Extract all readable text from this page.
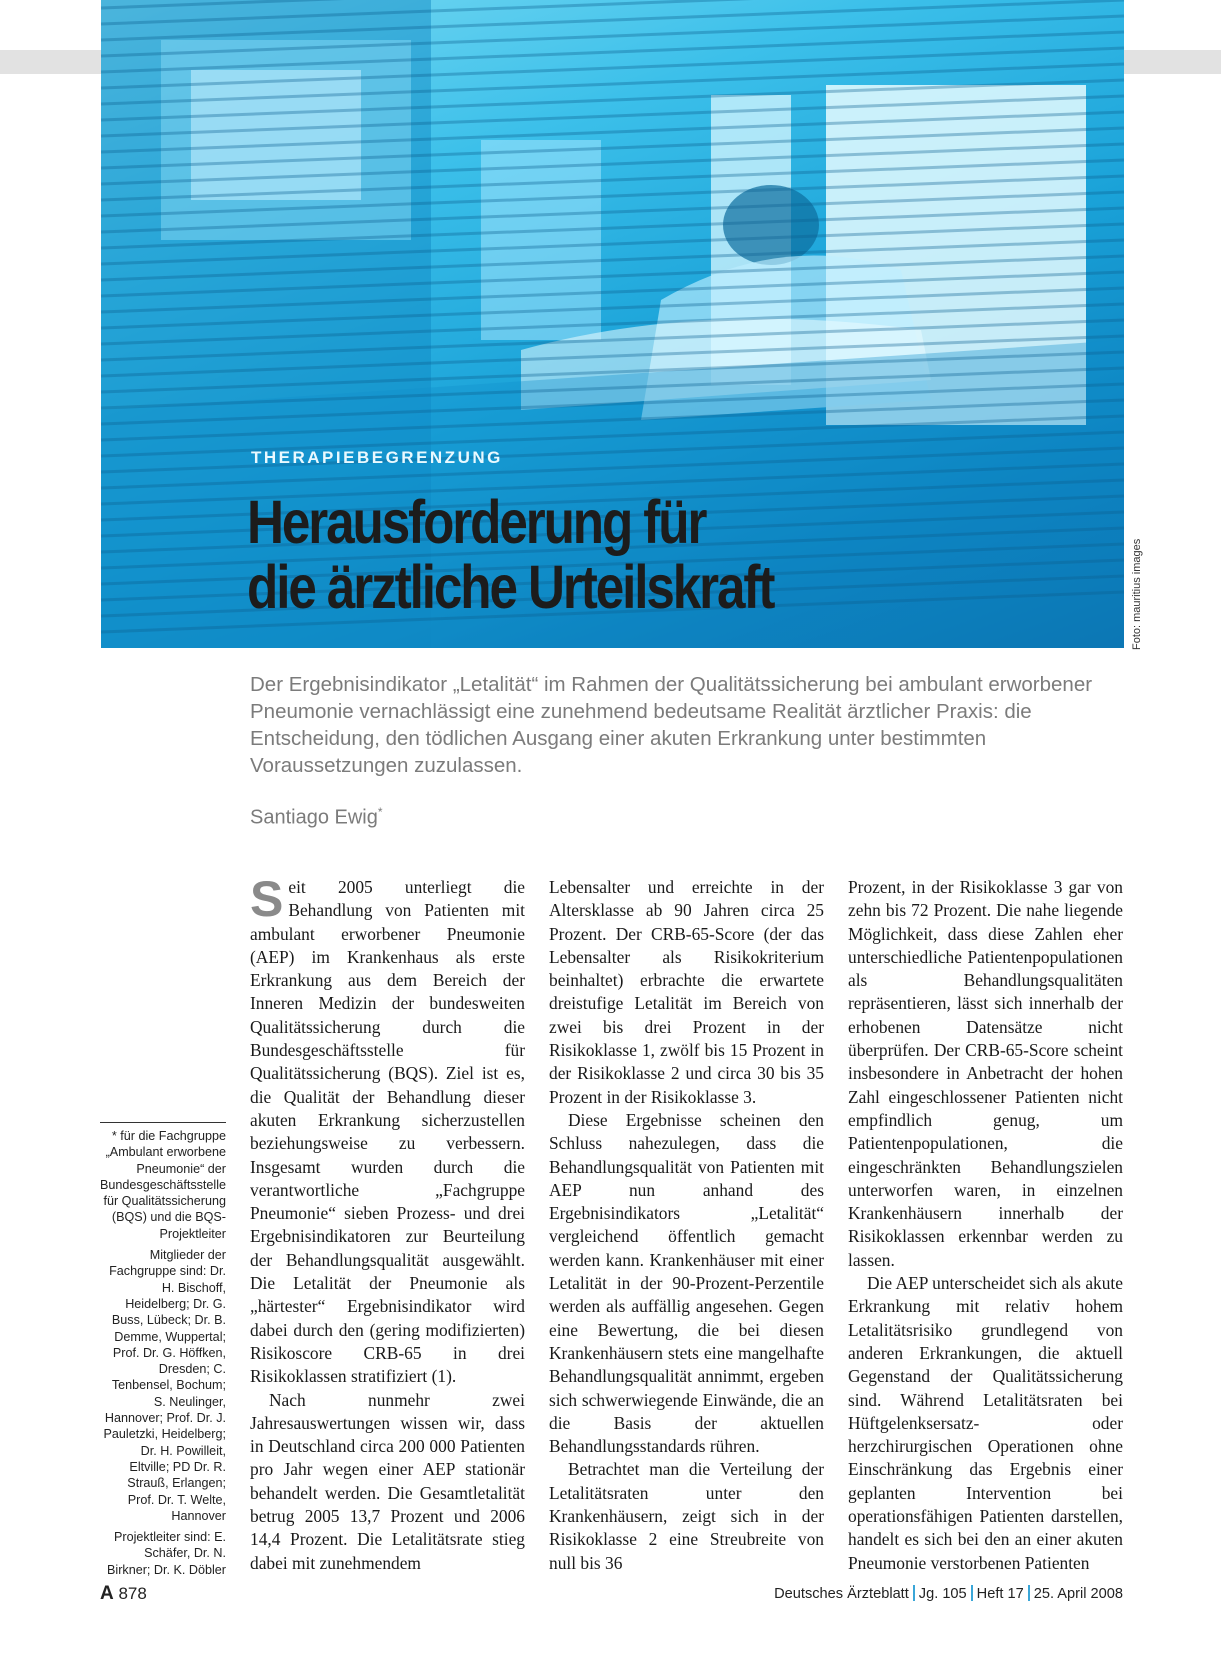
THERAPIEBEGRENZUNG
Herausforderung für die ärztliche Urteilskraft	Foto: mauritius images

Der Ergebnisindikator „Letalität“ im Rahmen der Qualitätssicherung bei ambulant erworbener Pneumonie vernachlässigt eine zunehmend bedeutsame Realität ärztlicher Praxis: die Entscheidung, den tödlichen Ausgang einer akuten Erkrankung unter bestimmten Voraussetzungen zuzulassen.

Santiago Ewig*

* für die Fachgruppe „Ambulant erworbene Pneumonie“ der Bundesgeschäftsstelle für Qualitätssicherung (BQS) und die BQS-Projektleiter

Mitglieder der Fachgruppe sind: Dr. H. Bischoff, Heidelberg; Dr. G. Buss, Lübeck; Dr. B. Demme, Wuppertal; Prof. Dr. G. Höffken, Dresden; C. Tenbensel, Bochum; S. Neulinger, Hannover; Prof. Dr. J. Pauletzki, Heidelberg; Dr. H. Powilleit, Eltville; PD Dr. R. Strauß, Erlangen; Prof. Dr. T. Welte, Hannover

Projektleiter sind: E. Schäfer, Dr. N. Birkner; Dr. K. Döbler

Seit 2005 unterliegt die Behandlung von Patienten mit ambulant erworbener Pneumonie (AEP) im Krankenhaus als erste Erkrankung aus dem Bereich der Inneren Medizin der bundesweiten Qualitätssicherung durch die Bundesgeschäftsstelle für Qualitätssicherung (BQS). Ziel ist es, die Qualität der Behandlung dieser akuten Erkrankung sicherzustellen beziehungsweise zu verbessern. Insgesamt wurden durch die verantwortliche „Fachgruppe Pneumonie“ sieben Prozess- und drei Ergebnisindikatoren zur Beurteilung der Behandlungsqualität ausgewählt. Die Letalität der Pneumonie als „härtester“ Ergebnisindikator wird dabei durch den (gering modifizierten) Risikoscore CRB-65 in drei Risikoklassen stratifiziert (1).

Nach nunmehr zwei Jahresauswertungen wissen wir, dass in Deutschland circa 200 000 Patienten pro Jahr wegen einer AEP stationär behandelt werden. Die Gesamtletalität betrug 2005 13,7 Prozent und 2006 14,4 Prozent. Die Letalitätsrate stieg dabei mit zunehmendem

Lebensalter und erreichte in der Altersklasse ab 90 Jahren circa 25 Prozent. Der CRB-65-Score (der das Lebensalter als Risikokriterium beinhaltet) erbrachte die erwartete dreistufige Letalität im Bereich von zwei bis drei Prozent in der Risikoklasse 1, zwölf bis 15 Prozent in der Risikoklasse 2 und circa 30 bis 35 Prozent in der Risikoklasse 3.

Diese Ergebnisse scheinen den Schluss nahezulegen, dass die Behandlungsqualität von Patienten mit AEP nun anhand des Ergebnisindikators „Letalität“ vergleichend öffentlich gemacht werden kann. Krankenhäuser mit einer Letalität in der 90-Prozent-Perzentile werden als auffällig angesehen. Gegen eine Bewertung, die bei diesen Krankenhäusern stets eine mangelhafte Behandlungsqualität annimmt, ergeben sich schwerwiegende Einwände, die an die Basis der aktuellen Behandlungsstandards rühren.

Betrachtet man die Verteilung der Letalitätsraten unter den Krankenhäusern, zeigt sich in der Risikoklasse 2 eine Streubreite von null bis 36

Prozent, in der Risikoklasse 3 gar von zehn bis 72 Prozent. Die nahe liegende Möglichkeit, dass diese Zahlen eher unterschiedliche Patientenpopulationen als Behandlungsqualitäten repräsentieren, lässt sich innerhalb der erhobenen Datensätze nicht überprüfen. Der CRB-65-Score scheint insbesondere in Anbetracht der hohen Zahl eingeschlossener Patienten nicht empfindlich genug, um Patientenpopulationen, die eingeschränkten Behandlungszielen unterworfen waren, in einzelnen Krankenhäusern innerhalb der Risikoklassen erkennbar werden zu lassen.

Die AEP unterscheidet sich als akute Erkrankung mit relativ hohem Letalitätsrisiko grundlegend von anderen Erkrankungen, die aktuell Gegenstand der Qualitätssicherung sind. Während Letalitätsraten bei Hüftgelenksersatz- oder herzchirurgischen Operationen ohne Einschränkung das Ergebnis einer geplanten Intervention bei operationsfähigen Patienten darstellen, handelt es sich bei den an einer akuten Pneumonie verstorbenen Patienten

A 878	Deutsches Ärzteblatt Jg. 105 Heft 17 25. April 2008
